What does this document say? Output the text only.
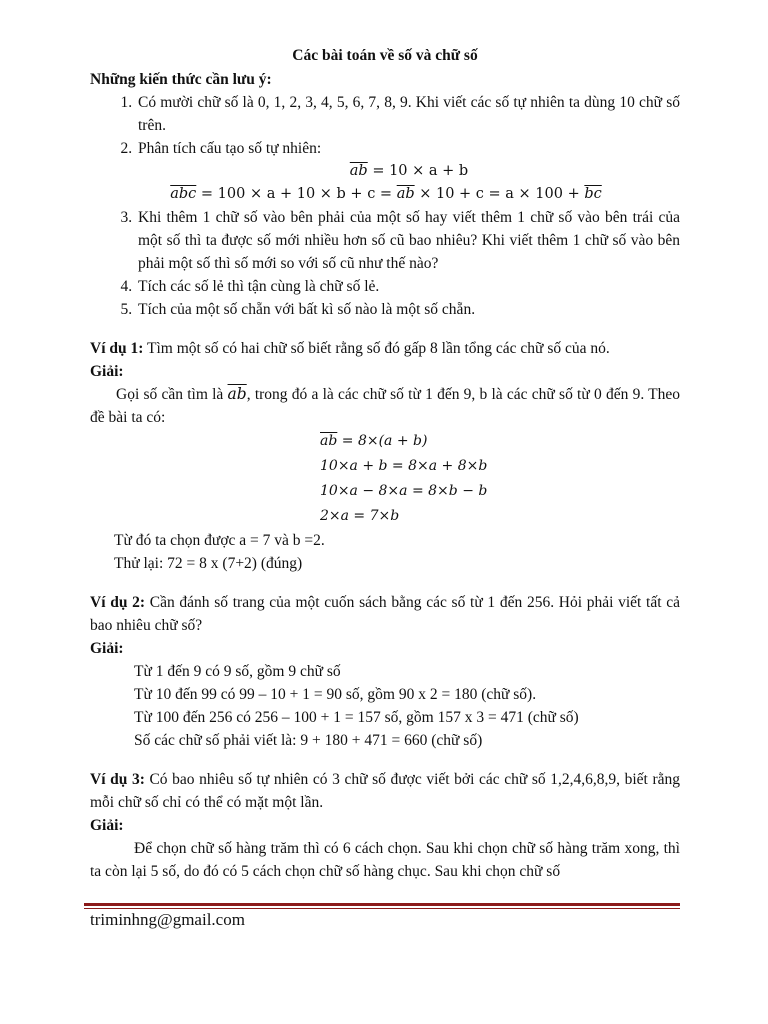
Các bài toán về số và chữ số
Những kiến thức cần lưu ý:
1. Có mười chữ số là 0, 1, 2, 3, 4, 5, 6, 7, 8, 9. Khi viết các số tự nhiên ta dùng 10 chữ số trên.
2. Phân tích cấu tạo số tự nhiên:
$\overline{ab} = 10 \times a + b$
$\overline{abc} = 100 \times a + 10 \times b + c = \overline{ab} \times 10 + c = a \times 100 + \overline{bc}$
3. Khi thêm 1 chữ số vào bên phải của một số hay viết thêm 1 chữ số vào bên trái của một số thì ta được số mới nhiều hơn số cũ bao nhiêu? Khi viết thêm 1 chữ số vào bên phải một số thì số mới so với số cũ như thế nào?
4. Tích các số lẻ thì tận cùng là chữ số lẻ.
5. Tích của một số chẵn với bất kì số nào là một số chẵn.
Ví dụ 1: Tìm một số có hai chữ số biết rằng số đó gấp 8 lần tổng các chữ số của nó.
Giải:
Gọi số cần tìm là $\overline{ab}$, trong đó a là các chữ số từ 1 đến 9, b là các chữ số từ 0 đến 9. Theo đề bài ta có:
$\overline{ab} = 8\times(a + b)$
10×a + b = 8×a + 8×b
10×a − 8×a = 8×b − b
2×a = 7×b
Từ đó ta chọn được a = 7 và b =2.
Thử lại: 72 = 8 x (7+2) (đúng)
Ví dụ 2: Cần đánh số trang của một cuốn sách bằng các số từ 1 đến 256. Hỏi phải viết tất cả bao nhiêu chữ số?
Giải:
Từ 1 đến 9 có 9 số, gồm 9 chữ số
Từ 10 đến 99 có 99 – 10 + 1 = 90 số, gồm 90 x 2 = 180 (chữ số).
Từ 100 đến 256 có 256 – 100 + 1 = 157 số, gồm 157 x 3 = 471 (chữ số)
Số các chữ số phải viết là: 9 + 180 + 471 = 660 (chữ số)
Ví dụ 3: Có bao nhiêu số tự nhiên có 3 chữ số được viết bởi các chữ số 1,2,4,6,8,9, biết rằng mỗi chữ số chỉ có thể có mặt một lần.
Giải:
Để chọn chữ số hàng trăm thì có 6 cách chọn. Sau khi chọn chữ số hàng trăm xong, thì ta còn lại 5 số, do đó có 5 cách chọn chữ số hàng chục. Sau khi chọn chữ số
triminhng@gmail.com
